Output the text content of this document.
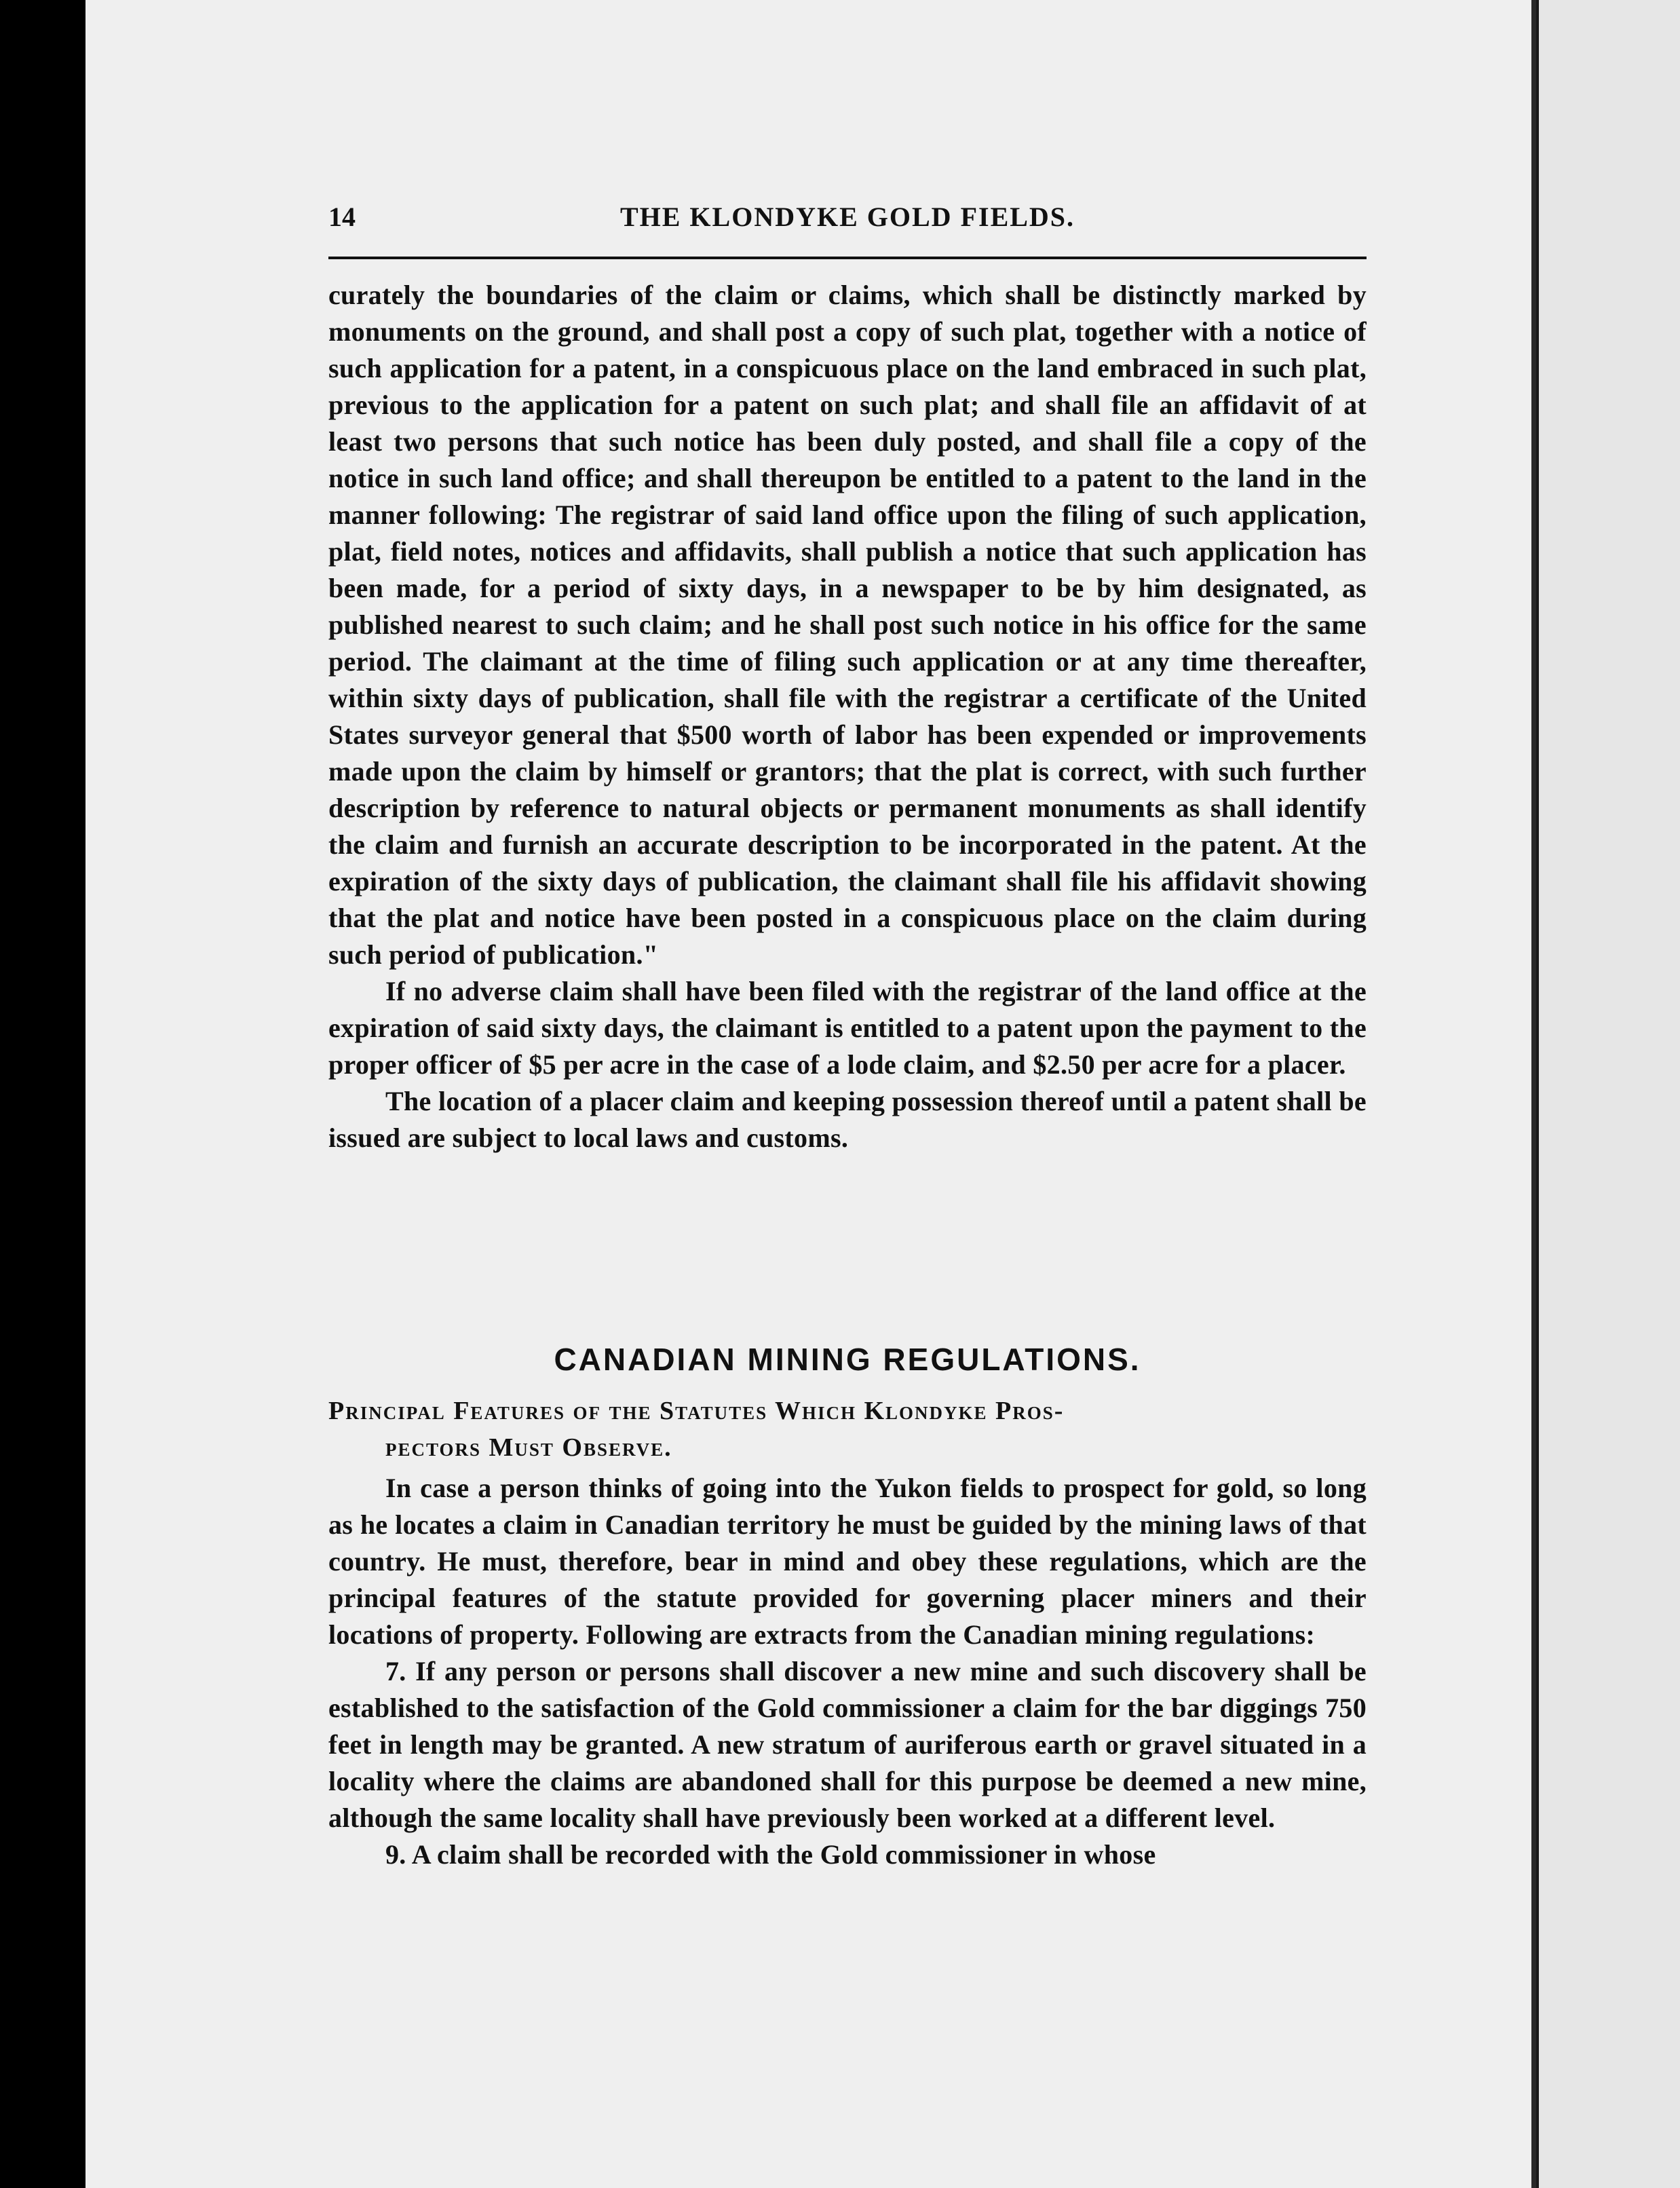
14	THE KLONDYKE GOLD FIELDS.

curately the boundaries of the claim or claims, which shall be distinctly marked by monuments on the ground, and shall post a copy of such plat, together with a notice of such application for a patent, in a conspicuous place on the land embraced in such plat, previous to the application for a patent on such plat; and shall file an affidavit of at least two persons that such notice has been duly posted, and shall file a copy of the notice in such land office; and shall thereupon be entitled to a patent to the land in the manner following: The registrar of said land office upon the filing of such application, plat, field notes, notices and affidavits, shall publish a notice that such application has been made, for a period of sixty days, in a newspaper to be by him designated, as published nearest to such claim; and he shall post such notice in his office for the same period. The claimant at the time of filing such application or at any time thereafter, within sixty days of publication, shall file with the registrar a certificate of the United States surveyor general that $500 worth of labor has been expended or improvements made upon the claim by himself or grantors; that the plat is correct, with such further description by reference to natural objects or permanent monuments as shall identify the claim and furnish an accurate description to be incorporated in the patent. At the expiration of the sixty days of publication, the claimant shall file his affidavit showing that the plat and notice have been posted in a conspicuous place on the claim during such period of publication."

If no adverse claim shall have been filed with the registrar of the land office at the expiration of said sixty days, the claimant is entitled to a patent upon the payment to the proper officer of $5 per acre in the case of a lode claim, and $2.50 per acre for a placer.

The location of a placer claim and keeping possession thereof until a patent shall be issued are subject to local laws and customs.

CANADIAN MINING REGULATIONS.
Principal Features of the Statutes Which Klondyke Pros-
pectors Must Observe.

In case a person thinks of going into the Yukon fields to prospect for gold, so long as he locates a claim in Canadian territory he must be guided by the mining laws of that country. He must, therefore, bear in mind and obey these regulations, which are the principal features of the statute provided for governing placer miners and their locations of property. Following are extracts from the Canadian mining regulations:

7. If any person or persons shall discover a new mine and such discovery shall be established to the satisfaction of the Gold commissioner a claim for the bar diggings 750 feet in length may be granted. A new stratum of auriferous earth or gravel situated in a locality where the claims are abandoned shall for this purpose be deemed a new mine, although the same locality shall have previously been worked at a different level.

9. A claim shall be recorded with the Gold commissioner in whose
